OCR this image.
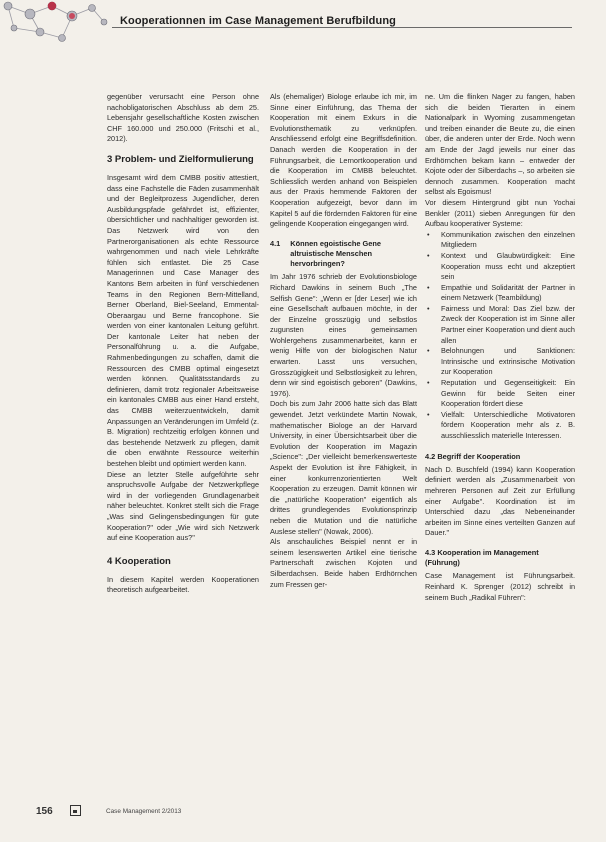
Kooperationnen im Case Management Berufbildung

gegenüber verursacht eine Person ohne nachobligatorischen Abschluss ab dem 25. Lebensjahr gesellschaftliche Kosten zwischen CHF 160.000 und 250.000 (Fritschi et al., 2012).

3 Problem- und Zielformulierung

Insgesamt wird dem CMBB positiv attestiert, dass eine Fachstelle die Fäden zusammenhält und der Begleitprozess Jugendlicher, deren Ausbildungspfade gefährdet ist, effizienter, übersichtlicher und nachhaltiger geworden ist. Das Netzwerk wird von den Partnerorganisationen als echte Ressource wahrgenommen und nach viele Lehrkräfte fühlen sich entlastet. Die 25 Case Managerinnen und Case Manager des Kantons Bern arbeiten in fünf verschiedenen Teams in den Regionen Bern-Mittelland, Berner Oberland, Biel-Seeland, Emmental-Oberaargau und Berne francophone. Sie werden von einer kantonalen Leitung geführt. Der kantonale Leiter hat neben der Personalführung u. a. die Aufgabe, Rahmenbedingungen zu schaffen, damit die Ressourcen des CMBB optimal eingesetzt werden können. Qualitätsstandards zu definieren, damit trotz regionaler Arbeitsweise ein kantonales CMBB aus einer Hand ersteht, das CMBB weiterzuentwickeln, damit Anpassungen an Veränderungen im Umfeld (z. B. Migration) rechtzeitig erfolgen können und das bestehende Netzwerk zu pflegen, damit die oben erwähnte Ressource weiterhin bestehen bleibt und optimiert werden kann.

Diese an letzter Stelle aufgeführte sehr anspruchsvolle Aufgabe der Netzwerkpflege wird in der vorliegenden Grundlagenarbeit näher beleuchtet. Konkret stellt sich die Frage „Was sind Gelingensbedingungen für gute Kooperation?" oder „Wie wird sich Netzwerk auf eine Kooperation aus?"

4 Kooperation

In diesem Kapitel werden Kooperationen theoretisch aufgearbeitet.

Als (ehemaliger) Biologe erlaube ich mir, im Sinne einer Einführung, das Thema der Kooperation mit einem Exkurs in die Evolutionsthematik zu verknüpfen. Anschliessend erfolgt eine Begriffsdefinition. Danach werden die Kooperation in der Führungsarbeit, die Lernortkooperation und die Kooperation im CMBB beleuchtet. Schliesslich werden anhand von Beispielen aus der Praxis hemmende Faktoren der Kooperation aufgezeigt, bevor dann im Kapitel 5 auf die fördernden Faktoren für eine gelingende Kooperation eingegangen wird.

4.1 Können egoistische Gene altruistische Menschen hervorbringen?

Im Jahr 1976 schrieb der Evolutionsbiologe Richard Dawkins in seinem Buch „The Selfish Gene": „Wenn er [der Leser] wie ich eine Gesellschaft aufbauen möchte, in der der Einzelne grosszügig und selbstlos zugunsten eines gemeinsamen Wohlergehens zusammenarbeitet, kann er wenig Hilfe von der biologischen Natur erwarten. Lasst uns versuchen, Grosszügigkeit und Selbstlosigkeit zu lehren, denn wir sind egoistisch geboren" (Dawkins, 1976).

Doch bis zum Jahr 2006 hatte sich das Blatt gewendet. Jetzt verkündete Martin Nowak, mathematischer Biologe an der Harvard University, in einer Übersichtsarbeit über die Evolution der Kooperation im Magazin „Science": „Der vielleicht bemerkenswerteste Aspekt der Evolution ist ihre Fähigkeit, in einer konkurrenzorientierten Welt Kooperation zu erzeugen. Damit können wir die „natürliche Kooperation" eigentlich als drittes grundlegendes Evolutionsprinzip neben die Mutation und die natürliche Auslese stellen" (Nowak, 2006).

Als anschauliches Beispiel nennt er in seinem lesenswerten Artikel eine tierische Partnerschaft zwischen Kojoten und Silberdachsen. Beide haben Erdhörnchen zum Fressen ger-

ne. Um die flinken Nager zu fangen, haben sich die beiden Tierarten in einem Nationalpark in Wyoming zusammengetan und treiben einander die Beute zu, die einen über, die anderen unter der Erde. Noch wenn am Ende der Jagd jeweils nur einer das Erdhörnchen bekam kann – entweder der Kojote oder der Silberdachs –, so arbeiten sie dennoch zusammen. Kooperation macht selbst als Egoismus!

Vor diesem Hintergrund gibt nun Yochai Benkler (2011) sieben Anregungen für den Aufbau kooperativer Systeme:

• Kommunikation zwischen den einzelnen Mitgliedern
• Kontext und Glaubwürdigkeit: Eine Kooperation muss echt und akzeptiert sein
• Empathie und Solidarität der Partner in einem Netzwerk (Teambildung)
• Fairness und Moral: Das Ziel bzw. der Zweck der Kooperation ist im Sinne aller Partner einer Kooperation und dient auch allen
• Belohnungen und Sanktionen: Intrinsische und extrinsische Motivation zur Kooperation
• Reputation und Gegenseitigkeit: Ein Gewinn für beide Seiten einer Kooperation fördert diese
• Vielfalt: Unterschiedliche Motivatoren fördern Kooperation mehr als z. B. ausschliesslich materielle Interessen.
4.2 Begriff der Kooperation

Nach D. Buschfeld (1994) kann Kooperation definiert werden als „Zusammenarbeit von mehreren Personen auf Zeit zur Erfüllung einer Aufgabe". Koordination ist im Unterschied dazu „das Nebeneinander arbeiten im Sinne eines verteilten Ganzen auf Dauer."

4.3 Kooperation im Management (Führung)

Case Management ist Führungsarbeit. Reinhard K. Sprenger (2012) schreibt in seinem Buch „Radikal Führen":

156	Case Management 2/2013
